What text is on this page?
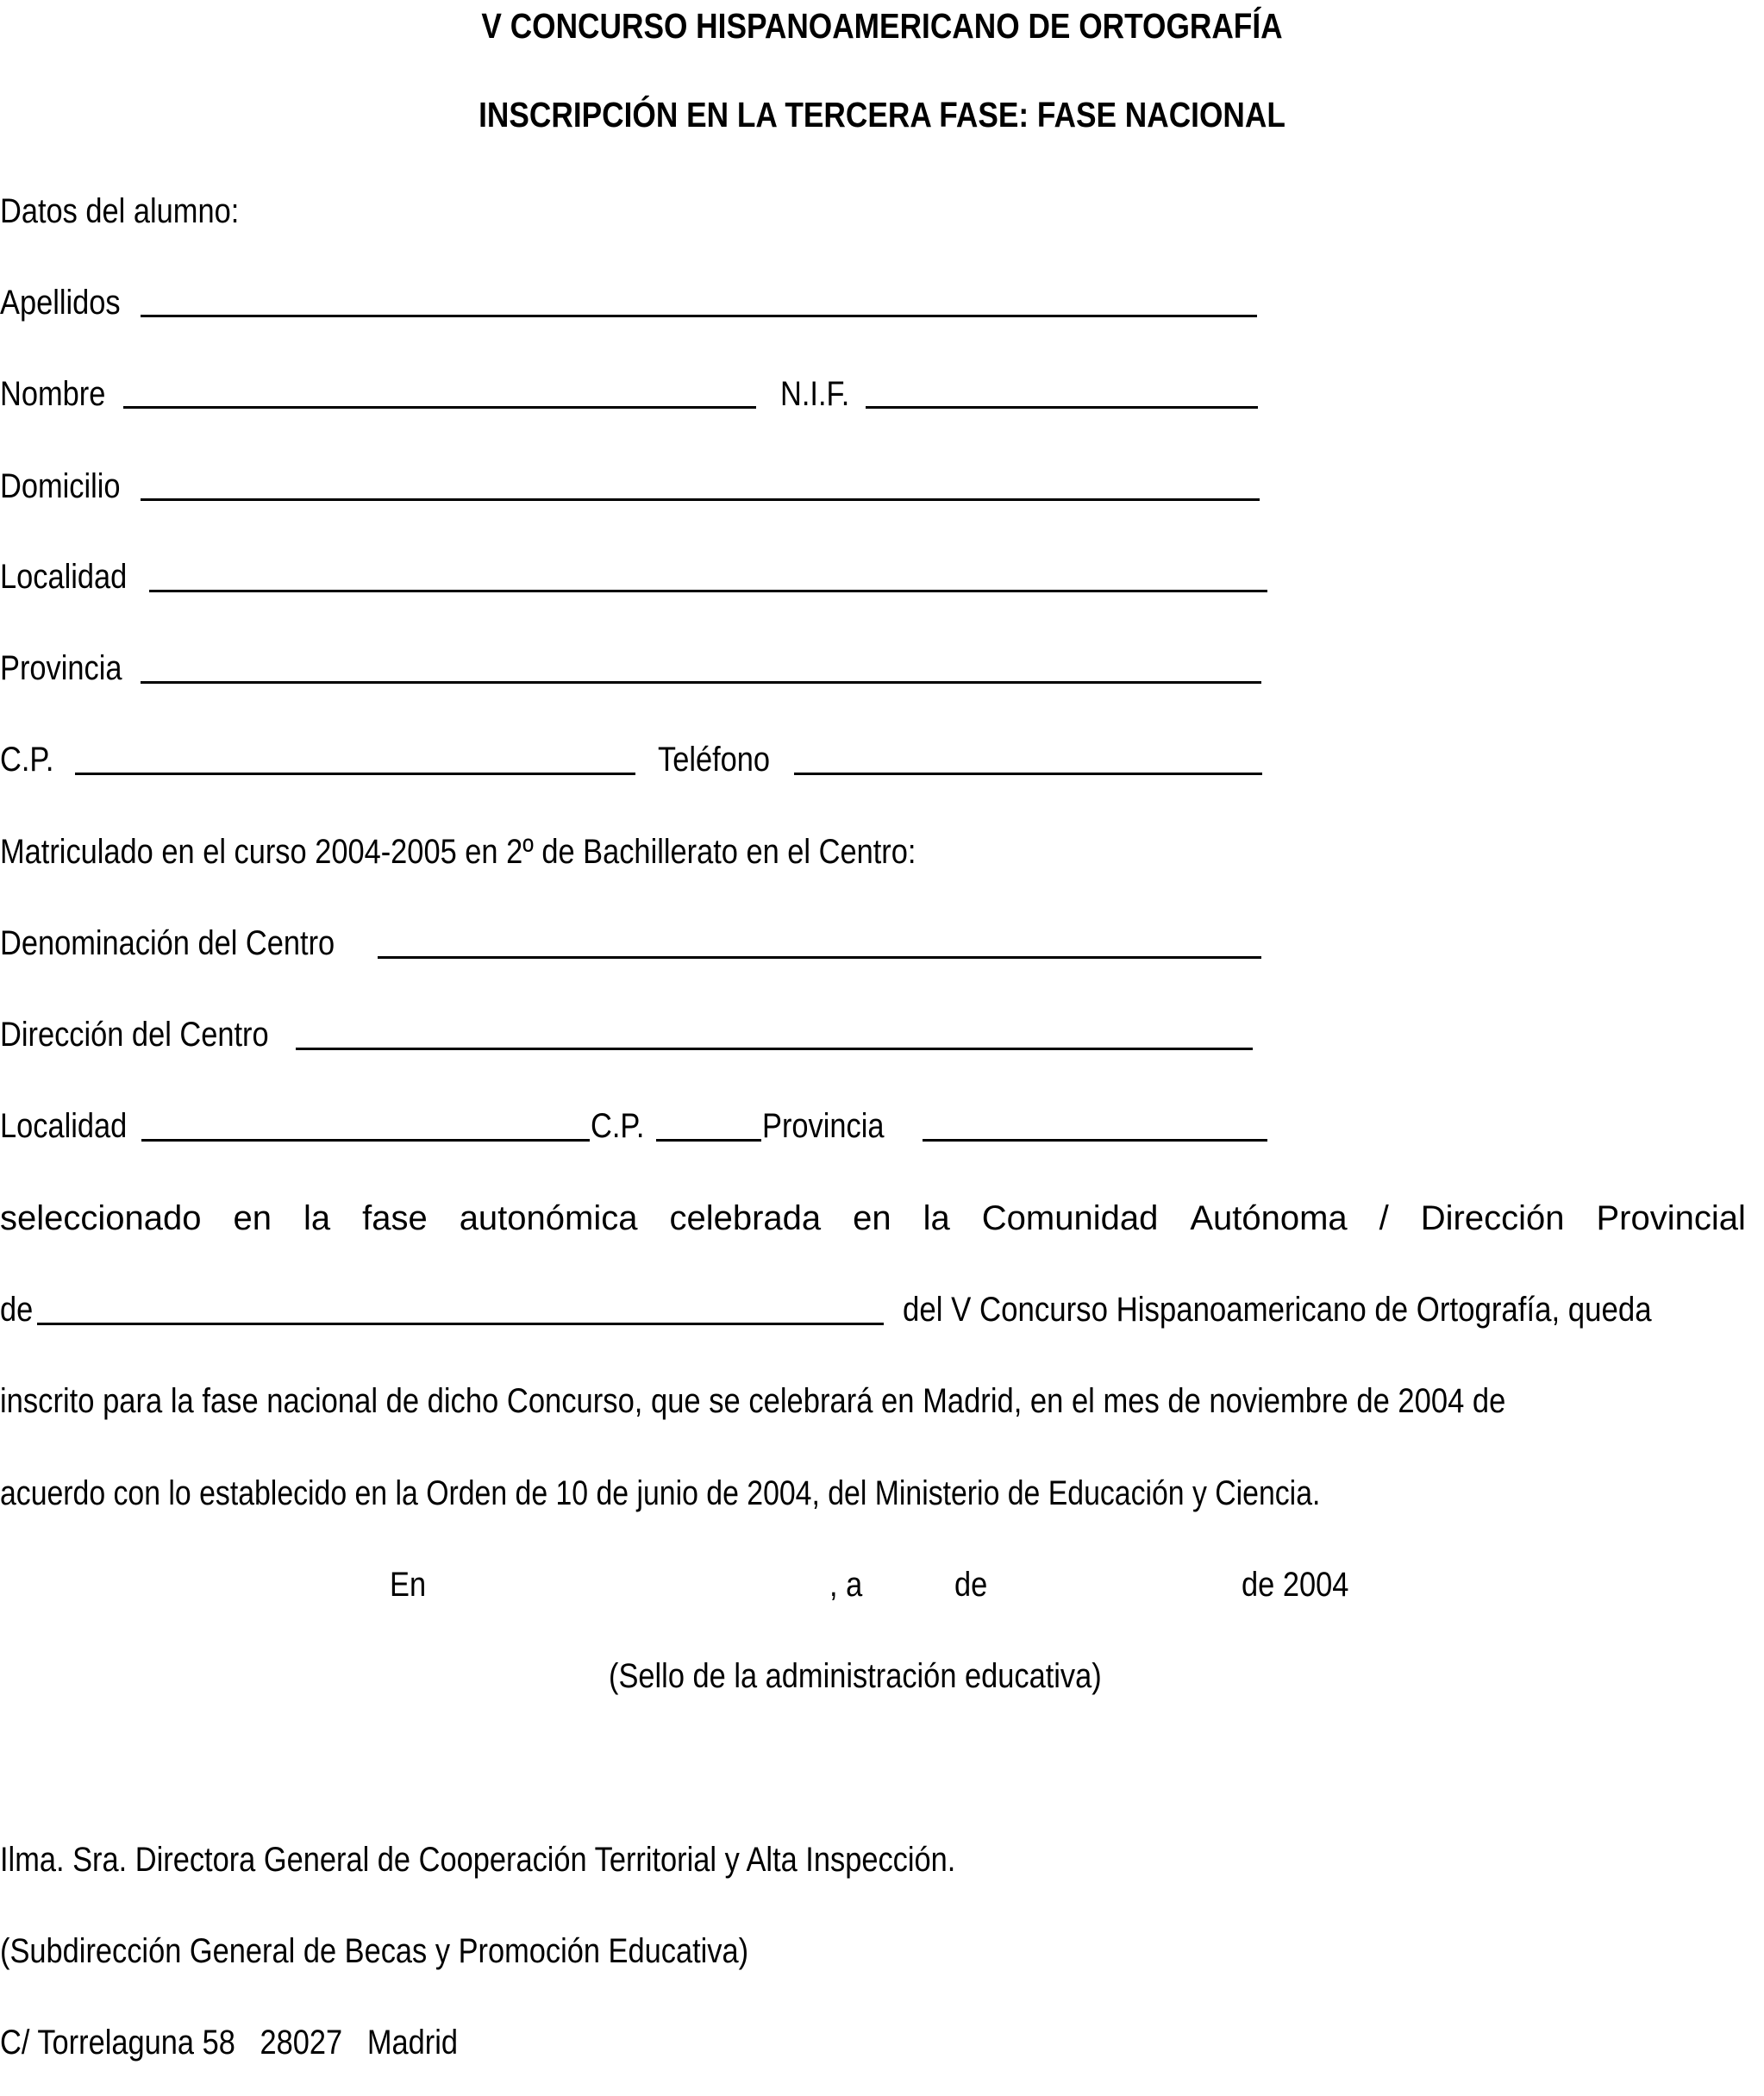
V CONCURSO HISPANOAMERICANO DE ORTOGRAFÍA
INSCRIPCIÓN EN LA TERCERA FASE: FASE NACIONAL
Datos del alumno:
Apellidos
Nombre	N.I.F.
Domicilio
Localidad
Provincia
C.P.	Teléfono
Matriculado en el curso 2004-2005 en 2º de Bachillerato en el Centro:
Denominación del Centro
Dirección del Centro
Localidad	C.P.	Provincia
seleccionado en la fase autonómica celebrada en la Comunidad Autónoma / Dirección Provincial
de	del V Concurso Hispanoamericano de Ortografía, queda
inscrito para la fase nacional de dicho Concurso, que se celebrará en Madrid, en el mes de noviembre de 2004 de
acuerdo con lo establecido en la Orden de 10 de junio de 2004, del Ministerio de Educación y Ciencia.
En	, a	de	de 2004
(Sello de la administración educativa)
Ilma. Sra. Directora General de Cooperación Territorial y Alta Inspección.
(Subdirección General de Becas y Promoción Educativa)
C/ Torrelaguna 58   28027   Madrid
